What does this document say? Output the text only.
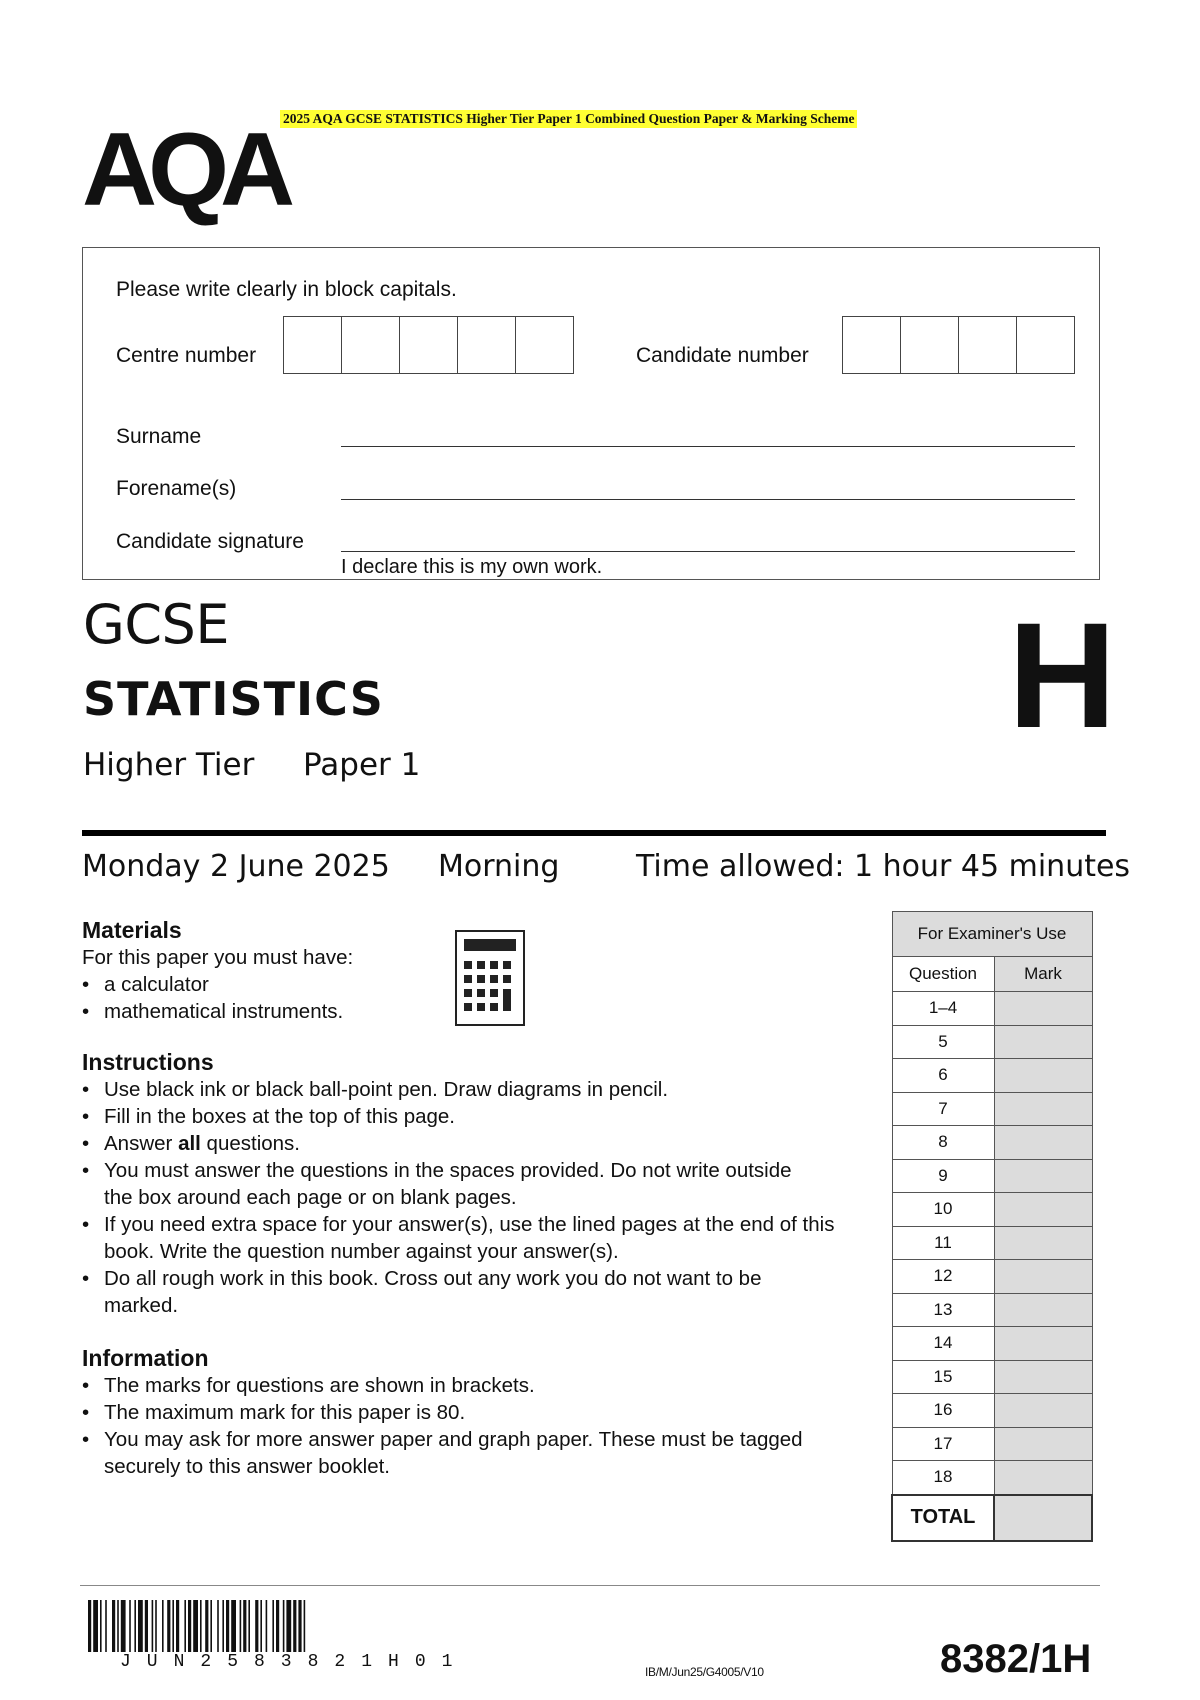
2025 AQA GCSE STATISTICS Higher Tier Paper 1 Combined Question Paper & Marking Scheme
AQA
Please write clearly in block capitals.
Centre number	Candidate number
Surname
Forename(s)
Candidate signature
I declare this is my own work.
GCSE
STATISTICS
Higher Tier Paper 1
H
Monday 2 June 2025 Morning	Time allowed: 1 hour 45 minutes
Materials
For this paper you must have:
• a calculator
• mathematical instruments.
Instructions
• Use black ink or black ball-point pen. Draw diagrams in pencil.
• Fill in the boxes at the top of this page.
• Answer all questions.
• You must answer the questions in the spaces provided. Do not write outside the box around each page or on blank pages.
• If you need extra space for your answer(s), use the lined pages at the end of this book. Write the question number against your answer(s).
• Do all rough work in this book. Cross out any work you do not want to be marked.
Information
• The marks for questions are shown in brackets.
• The maximum mark for this paper is 80.
• You may ask for more answer paper and graph paper. These must be tagged securely to this answer booklet.
For Examiner's Use	
Question	Mark
1–4	
5	
6	
7	
8	
9	
10	
11	
12	
13	
14	
15	
16	
17	
18	
TOTAL	
JUN2583821H01	IB/M/Jun25/G4005/V10	8382/1H
